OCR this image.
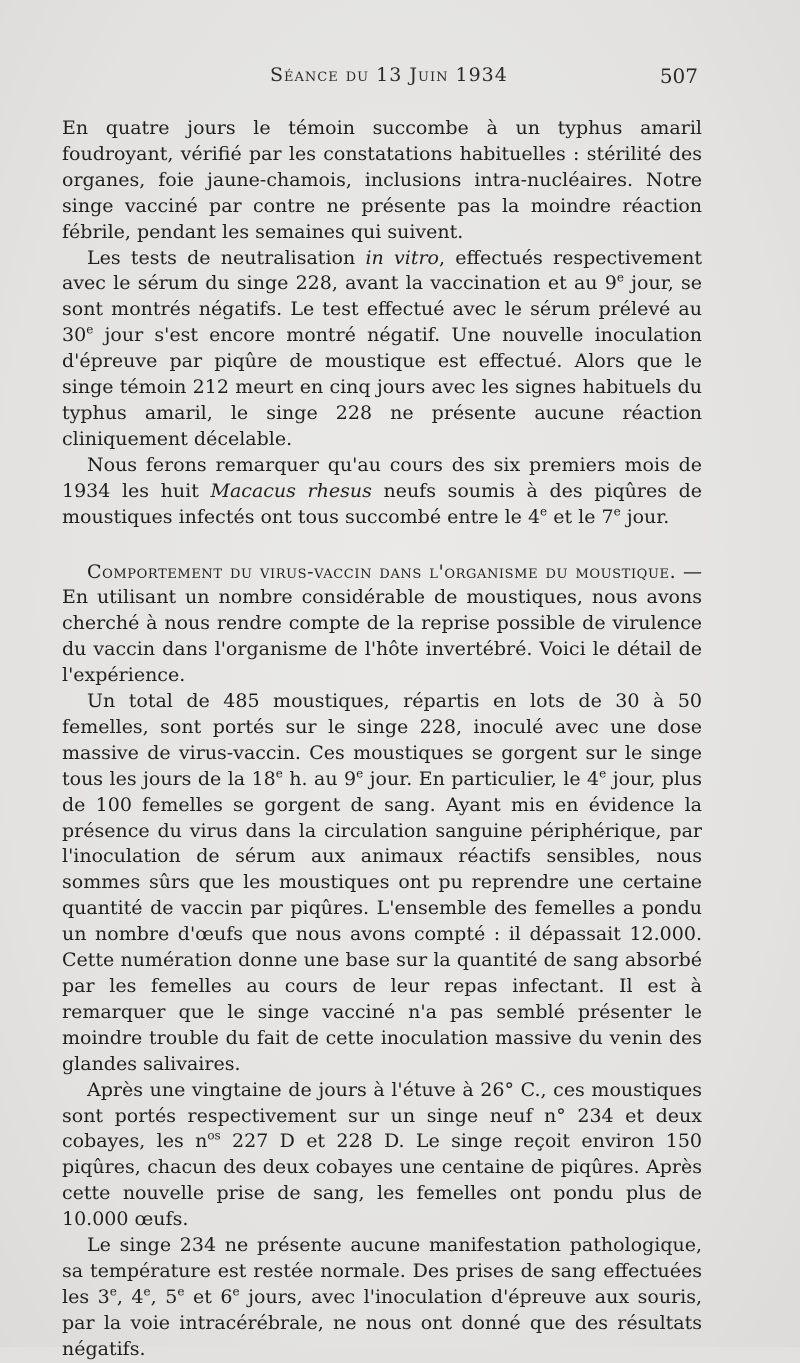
Séance du 13 Juin 1934	507

En quatre jours le témoin succombe à un typhus amaril foudroyant, vérifié par les constatations habituelles : stérilité des organes, foie jaune-chamois, inclusions intra-nucléaires. Notre singe vacciné par contre ne présente pas la moindre réaction fébrile, pendant les semaines qui suivent.

Les tests de neutralisation in vitro, effectués respectivement avec le sérum du singe 228, avant la vaccination et au 9e jour, se sont montrés négatifs. Le test effectué avec le sérum prélevé au 30e jour s'est encore montré négatif. Une nouvelle inoculation d'épreuve par piqûre de moustique est effectué. Alors que le singe témoin 212 meurt en cinq jours avec les signes habituels du typhus amaril, le singe 228 ne présente aucune réaction cliniquement décelable.

Nous ferons remarquer qu'au cours des six premiers mois de 1934 les huit Macacus rhesus neufs soumis à des piqûres de moustiques infectés ont tous succombé entre le 4e et le 7e jour.

Comportement du virus-vaccin dans l'organisme du moustique. — En utilisant un nombre considérable de moustiques, nous avons cherché à nous rendre compte de la reprise possible de virulence du vaccin dans l'organisme de l'hôte invertébré. Voici le détail de l'expérience.

Un total de 485 moustiques, répartis en lots de 30 à 50 femelles, sont portés sur le singe 228, inoculé avec une dose massive de virus-vaccin. Ces moustiques se gorgent sur le singe tous les jours de la 18e h. au 9e jour. En particulier, le 4e jour, plus de 100 femelles se gorgent de sang. Ayant mis en évidence la présence du virus dans la circulation sanguine périphérique, par l'inoculation de sérum aux animaux réactifs sensibles, nous sommes sûrs que les moustiques ont pu reprendre une certaine quantité de vaccin par piqûres. L'ensemble des femelles a pondu un nombre d'œufs que nous avons compté : il dépassait 12.000. Cette numération donne une base sur la quantité de sang absorbé par les femelles au cours de leur repas infectant. Il est à remarquer que le singe vacciné n'a pas semblé présenter le moindre trouble du fait de cette inoculation massive du venin des glandes salivaires.

Après une vingtaine de jours à l'étuve à 26° C., ces moustiques sont portés respectivement sur un singe neuf n° 234 et deux cobayes, les $n^{os}$ 227 D et 228 D. Le singe reçoit environ 150 piqûres, chacun des deux cobayes une centaine de piqûres. Après cette nouvelle prise de sang, les femelles ont pondu plus de 10.000 œufs.

Le singe 234 ne présente aucune manifestation pathologique, sa température est restée normale. Des prises de sang effectuées les 3e, 4e, 5e et 6e jours, avec l'inoculation d'épreuve aux souris, par la voie intracérébrale, ne nous ont donné que des résultats négatifs.
